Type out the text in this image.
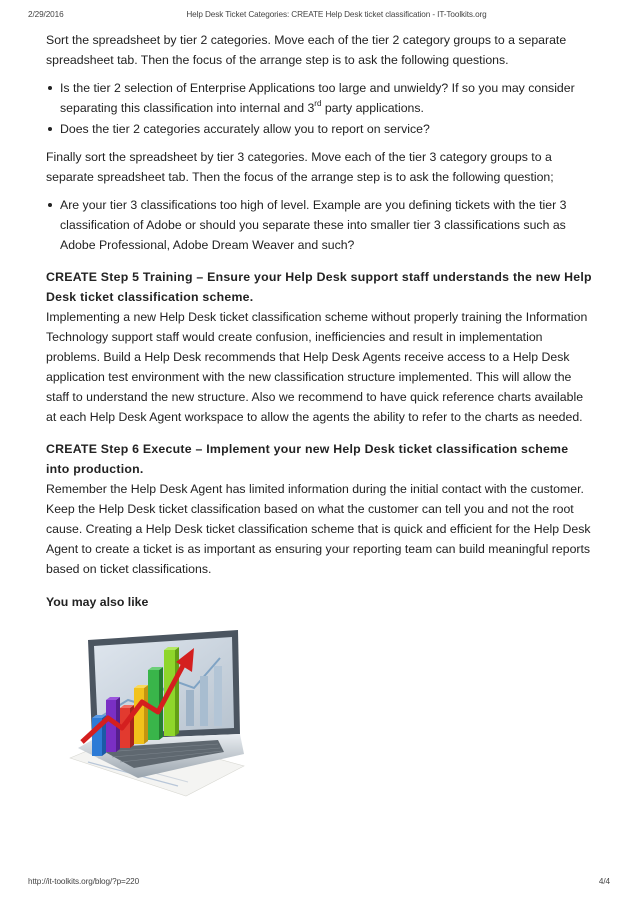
2/29/2016	Help Desk Ticket Categories: CREATE Help Desk ticket classification - IT-Toolkits.org

Sort the spreadsheet by tier 2 categories. Move each of the tier 2 category groups to a separate spreadsheet tab. Then the focus of the arrange step is to ask the following questions.

Is the tier 2 selection of Enterprise Applications too large and unwieldy? If so you may consider separating this classification into internal and 3rd party applications.
Does the tier 2 categories accurately allow you to report on service?

Finally sort the spreadsheet by tier 3 categories. Move each of the tier 3 category groups to a separate spreadsheet tab. Then the focus of the arrange step is to ask the following question;

Are your tier 3 classifications too high of level. Example are you defining tickets with the tier 3 classification of Adobe or should you separate these into smaller tier 3 classifications such as Adobe Professional, Adobe Dream Weaver and such?

CREATE Step 5 Training – Ensure your Help Desk support staff understands the new Help Desk ticket classification scheme.

Implementing a new Help Desk ticket classification scheme without properly training the Information Technology support staff would create confusion, inefficiencies and result in implementation problems. Build a Help Desk recommends that Help Desk Agents receive access to a Help Desk application test environment with the new classification structure implemented. This will allow the staff to understand the new structure. Also we recommend to have quick reference charts available at each Help Desk Agent workspace to allow the agents the ability to refer to the charts as needed.

CREATE Step 6 Execute – Implement your new Help Desk ticket classification scheme into production.

Remember the Help Desk Agent has limited information during the initial contact with the customer. Keep the Help Desk ticket classification based on what the customer can tell you and not the root cause. Creating a Help Desk ticket classification scheme that is quick and efficient for the Help Desk Agent to create a ticket is as important as ensuring your reporting team can build meaningful reports based on ticket classifications.

You may also like

http://it-toolkits.org/blog/?p=220	4/4
